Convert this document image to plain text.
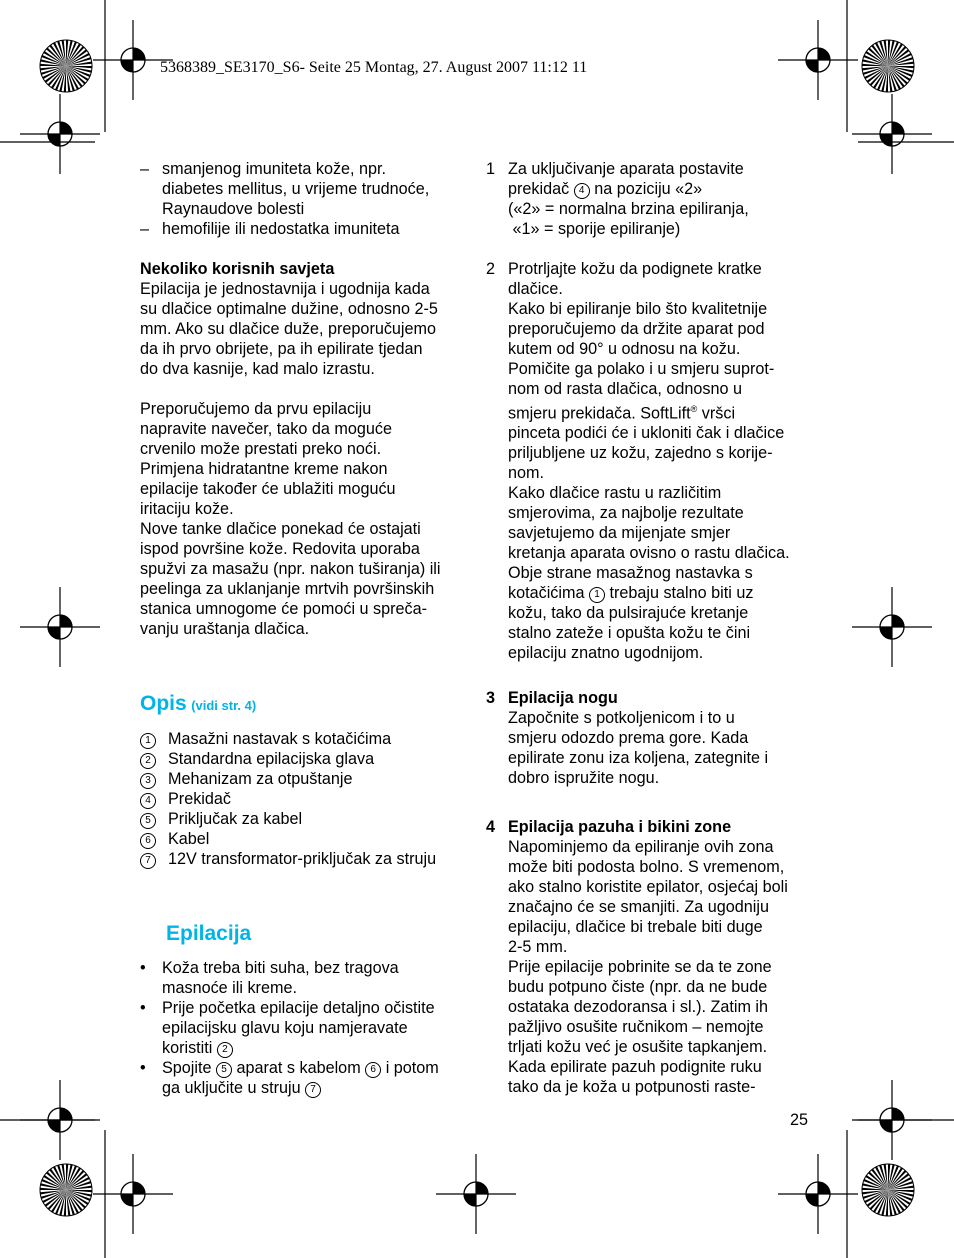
5368389_SE3170_S6- Seite 25 Montag, 27. August 2007 11:12 11
– smanjenog imuniteta kože, npr.
diabetes mellitus, u vrijeme trudnoće,
Raynaudove bolesti
– hemofilije ili nedostatka imuniteta
Nekoliko korisnih savjeta
Epilacija je jednostavnija i ugodnija kada
su dlačice optimalne dužine, odnosno 2-5
mm. Ako su dlačice duže, preporučujemo
da ih prvo obrijete, pa ih epilirate tjedan
do dva kasnije, kad malo izrastu.
Preporučujemo da prvu epilaciju
napravite navečer, tako da moguće
crvenilo može prestati preko noći.
Primjena hidratantne kreme nakon
epilacije također će ublažiti moguću
iritaciju kože.
Nove tanke dlačice ponekad će ostajati
ispod površine kože. Redovita uporaba
spužvi za masažu (npr. nakon tuširanja) ili
peelinga za uklanjanje mrtvih površinskih
stanica umnogome će pomoći u spreča-
vanju uraštanja dlačica.
Opis (vidi str. 4)
1	Masažni nastavak s kotačićima
2	Standardna epilacijska glava
3	Mehanizam za otpuštanje
4	Prekidač
5	Priključak za kabel
6	Kabel
7	12V transformator-priključak za struju
Epilacija
•	Koža treba biti suha, bez tragova
masnoće ili kreme.
•	Prije početka epilacije detaljno očistite
epilacijsku glavu koju namjeravate
koristiti 2
•	Spojite 5 aparat s kabelom 6 i potom
ga uključite u struju 7
1 Za uključivanje aparata postavite
prekidač 4 na poziciju «2»
(«2» = normalna brzina epiliranja,
«1» = sporije epiliranje)
2 Protrljajte kožu da podignete kratke
dlačice.
Kako bi epiliranje bilo što kvalitetnije
preporučujemo da držite aparat pod
kutem od 90° u odnosu na kožu.
Pomičite ga polako i u smjeru suprot-
nom od rasta dlačica, odnosno u
smjeru prekidača. SoftLift® vršci
pinceta podići će i ukloniti čak i dlačice
priljubljene uz kožu, zajedno s korije-
nom.
Kako dlačice rastu u različitim
smjerovima, za najbolje rezultate
savjetujemo da mijenjate smjer
kretanja aparata ovisno o rastu dlačica.
Obje strane masažnog nastavka s
kotačićima 1 trebaju stalno biti uz
kožu, tako da pulsirajuće kretanje
stalno zateže i opušta kožu te čini
epilaciju znatno ugodnijom.
3 Epilacija nogu
Započnite s potkoljenicom i to u
smjeru odozdo prema gore. Kada
epilirate zonu iza koljena, zategnite i
dobro ispružite nogu.
4 Epilacija pazuha i bikini zone
Napominjemo da epiliranje ovih zona
može biti podosta bolno. S vremenom,
ako stalno koristite epilator, osjećaj boli
značajno će se smanjiti. Za ugodniju
epilaciju, dlačice bi trebale biti duge
2-5 mm.
Prije epilacije pobrinite se da te zone
budu potpuno čiste (npr. da ne bude
ostataka dezodoransa i sl.). Zatim ih
pažljivo osušite ručnikom – nemojte
trljati kožu već je osušite tapkanjem.
Kada epilirate pazuh podignite ruku
tako da je koža u potpunosti raste-
25
